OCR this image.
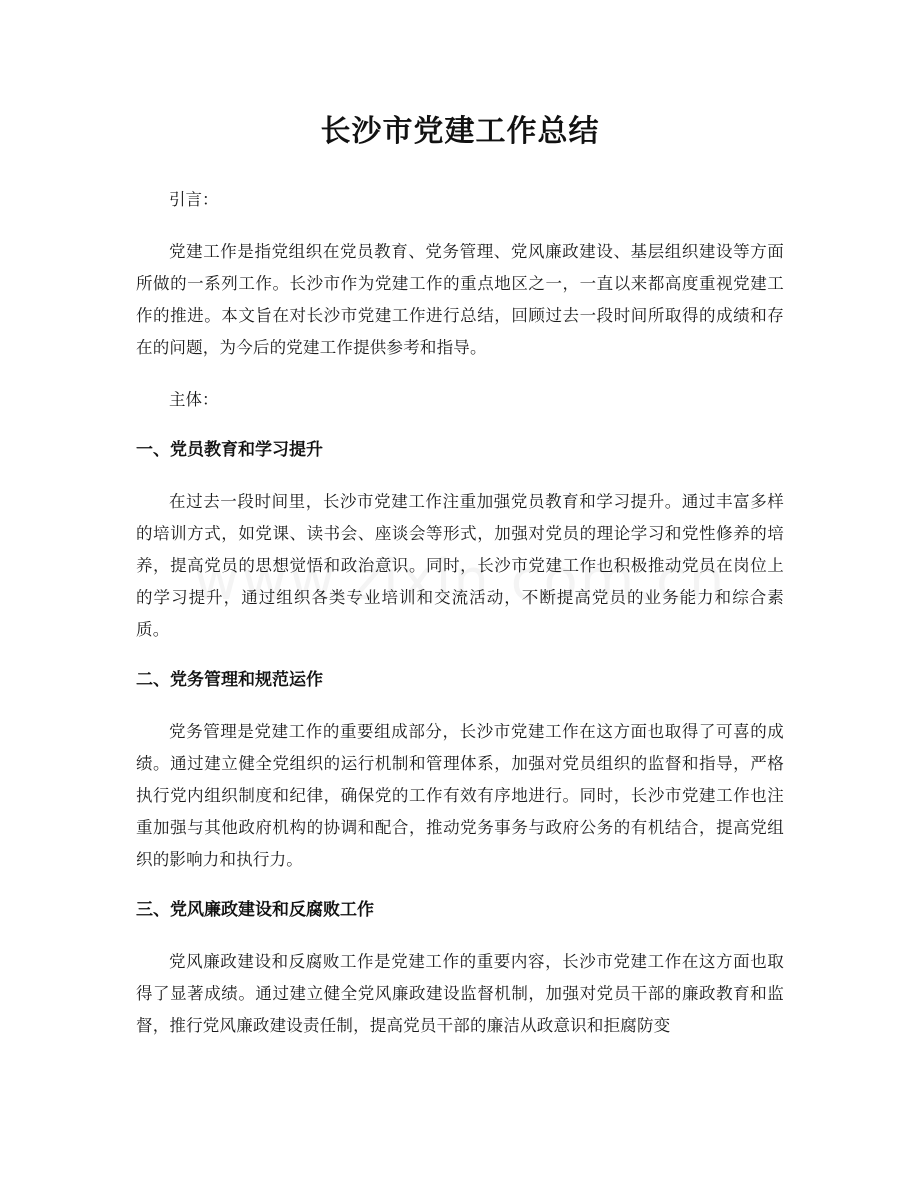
长沙市党建工作总结

引言：

党建工作是指党组织在党员教育、党务管理、党风廉政建设、基层组织建设等方面所做的一系列工作。长沙市作为党建工作的重点地区之一，一直以来都高度重视党建工作的推进。本文旨在对长沙市党建工作进行总结，回顾过去一段时间所取得的成绩和存在的问题，为今后的党建工作提供参考和指导。

主体：

一、党员教育和学习提升

在过去一段时间里，长沙市党建工作注重加强党员教育和学习提升。通过丰富多样的培训方式，如党课、读书会、座谈会等形式，加强对党员的理论学习和党性修养的培养，提高党员的思想觉悟和政治意识。同时，长沙市党建工作也积极推动党员在岗位上的学习提升，通过组织各类专业培训和交流活动，不断提高党员的业务能力和综合素质。

二、党务管理和规范运作

党务管理是党建工作的重要组成部分，长沙市党建工作在这方面也取得了可喜的成绩。通过建立健全党组织的运行机制和管理体系，加强对党员组织的监督和指导，严格执行党内组织制度和纪律，确保党的工作有效有序地进行。同时，长沙市党建工作也注重加强与其他政府机构的协调和配合，推动党务事务与政府公务的有机结合，提高党组织的影响力和执行力。

三、党风廉政建设和反腐败工作

党风廉政建设和反腐败工作是党建工作的重要内容，长沙市党建工作在这方面也取得了显著成绩。通过建立健全党风廉政建设监督机制，加强对党员干部的廉政教育和监督，推行党风廉政建设责任制，提高党员干部的廉洁从政意识和拒腐防变
